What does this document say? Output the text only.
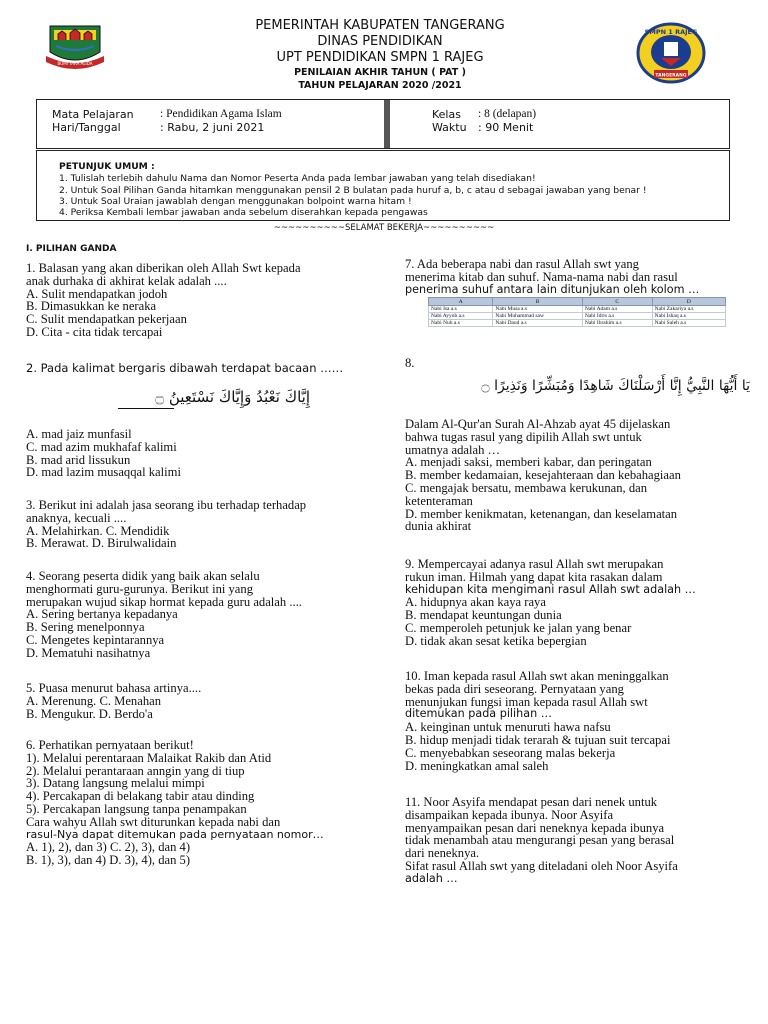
BUMI TARA ALIDA
PEMERINTAH KABUPATEN TANGERANG
DINAS PENDIDIKAN
UPT PENDIDIKAN SMPN 1 RAJEG
PENILAIAN AKHIR TAHUN ( PAT )
TAHUN PELAJARAN 2020 /2021
SMPN 1 RAJEG
TANGERANG
Mata Pelajaran : Pendidikan Agama Islam
Hari/Tanggal	: Rabu, 2 juni 2021
Kelas : 8 (delapan)
Waktu : 90 Menit
PETUNJUK UMUM :
1. Tulislah terlebih dahulu Nama dan Nomor Peserta Anda pada lembar jawaban yang telah disediakan!
2. Untuk Soal Pilihan Ganda hitamkan menggunakan pensil 2 B bulatan pada huruf a, b, c atau d sebagai jawaban yang benar !
3. Untuk Soal Uraian jawablah dengan menggunakan bolpoint warna hitam !
4. Periksa Kembali lembar jawaban anda sebelum diserahkan kepada pengawas
~~~~~~~~~~SELAMAT BEKERJA~~~~~~~~~~
I. PILIHAN GANDA
1. Balasan yang akan diberikan oleh Allah Swt kepada
anak durhaka di akhirat kelak adalah ....
A. Sulit mendapatkan jodoh
B. Dimasukkan ke neraka
C. Sulit mendapatkan pekerjaan
D. Cita - cita tidak tercapai
2. Pada kalimat bergaris dibawah terdapat bacaan ……
إِيَّاكَ نَعْبُدُ وَإِيَّاكَ نَسْتَعِينُ ۝
A. mad jaiz munfasil
C. mad azim mukhafaf kalimi
B. mad arid lissukun
D. mad lazim musaqqal kalimi
3. Berikut ini adalah jasa seorang ibu terhadap terhadap
anaknya, kecuali ....
A. Melahirkan. C. Mendidik
B. Merawat. D. Birulwalidain
4. Seorang peserta didik yang baik akan selalu
menghormati guru-gurunya. Berikut ini yang
merupakan wujud sikap hormat kepada guru adalah ....
A. Sering bertanya kepadanya
B. Sering menelponnya
C. Mengetes kepintarannya
D. Mematuhi nasihatnya
5. Puasa menurut bahasa artinya....
A. Merenung. C. Menahan
B. Mengukur. D. Berdo'a
6. Perhatikan pernyataan berikut!
1). Melalui perentaraan Malaikat Rakib dan Atid
2). Melalui perantaraan anngin yang di tiup
3). Datang langsung melalui mimpi
4). Percakapan di belakang tabir atau dinding
5). Percakapan langsung tanpa penampakan
Cara wahyu Allah swt diturunkan kepada nabi dan
rasul-Nya dapat ditemukan pada pernyataan nomor…
A. 1), 2), dan 3) C. 2), 3), dan 4)
B. 1), 3), dan 4) D. 3), 4), dan 5)
7. Ada beberapa nabi dan rasul Allah swt yang
menerima kitab dan suhuf. Nama-nama nabi dan rasul
penerima suhuf antara lain ditunjukan oleh kolom …
A	B	C	D
Nabi Isa a.s	Nabi Musa a.s	Nabi Adam a.s	Nabi Zakariya a.s
Nabi Ayyub a.s	Nabi Muhammad saw	Nabi Idris a.s	Nabi Ishaq a.s
Nabi Nuh a.s	Nabi Daud a.s	Nabi Ibrahim a.s	Nabi Saleh a.s
8.
يَا أَيُّهَا النَّبِيُّ إِنَّا أَرْسَلْنَاكَ شَاهِدًا وَمُبَشِّرًا وَنَذِيرًا ۝
Dalam Al-Qur'an Surah Al-Ahzab ayat 45 dijelaskan
bahwa tugas rasul yang dipilih Allah swt untuk
umatnya adalah …
A. menjadi saksi, memberi kabar, dan peringatan
B. member kedamaian, kesejahteraan dan kebahagiaan
C. mengajak bersatu, membawa kerukunan, dan
ketenteraman
D. member kenikmatan, ketenangan, dan keselamatan
dunia akhirat
9. Mempercayai adanya rasul Allah swt merupakan
rukun iman. Hilmah yang dapat kita rasakan dalam
kehidupan kita mengimani rasul Allah swt adalah …
A. hidupnya akan kaya raya
B. mendapat keuntungan dunia
C. memperoleh petunjuk ke jalan yang benar
D. tidak akan sesat ketika bepergian
10. Iman kepada rasul Allah swt akan meninggalkan
bekas pada diri seseorang. Pernyataan yang
menunjukan fungsi iman kepada rasul Allah swt
ditemukan pada pilihan …
A. keinginan untuk menuruti hawa nafsu
B. hidup menjadi tidak terarah & tujuan suit tercapai
C. menyebabkan seseorang malas bekerja
D. meningkatkan amal saleh
11. Noor Asyifa mendapat pesan dari nenek untuk
disampaikan kepada ibunya. Noor Asyifa
menyampaikan pesan dari neneknya kepada ibunya
tidak menambah atau mengurangi pesan yang berasal
dari neneknya.
Sifat rasul Allah swt yang diteladani oleh Noor Asyifa
adalah …
